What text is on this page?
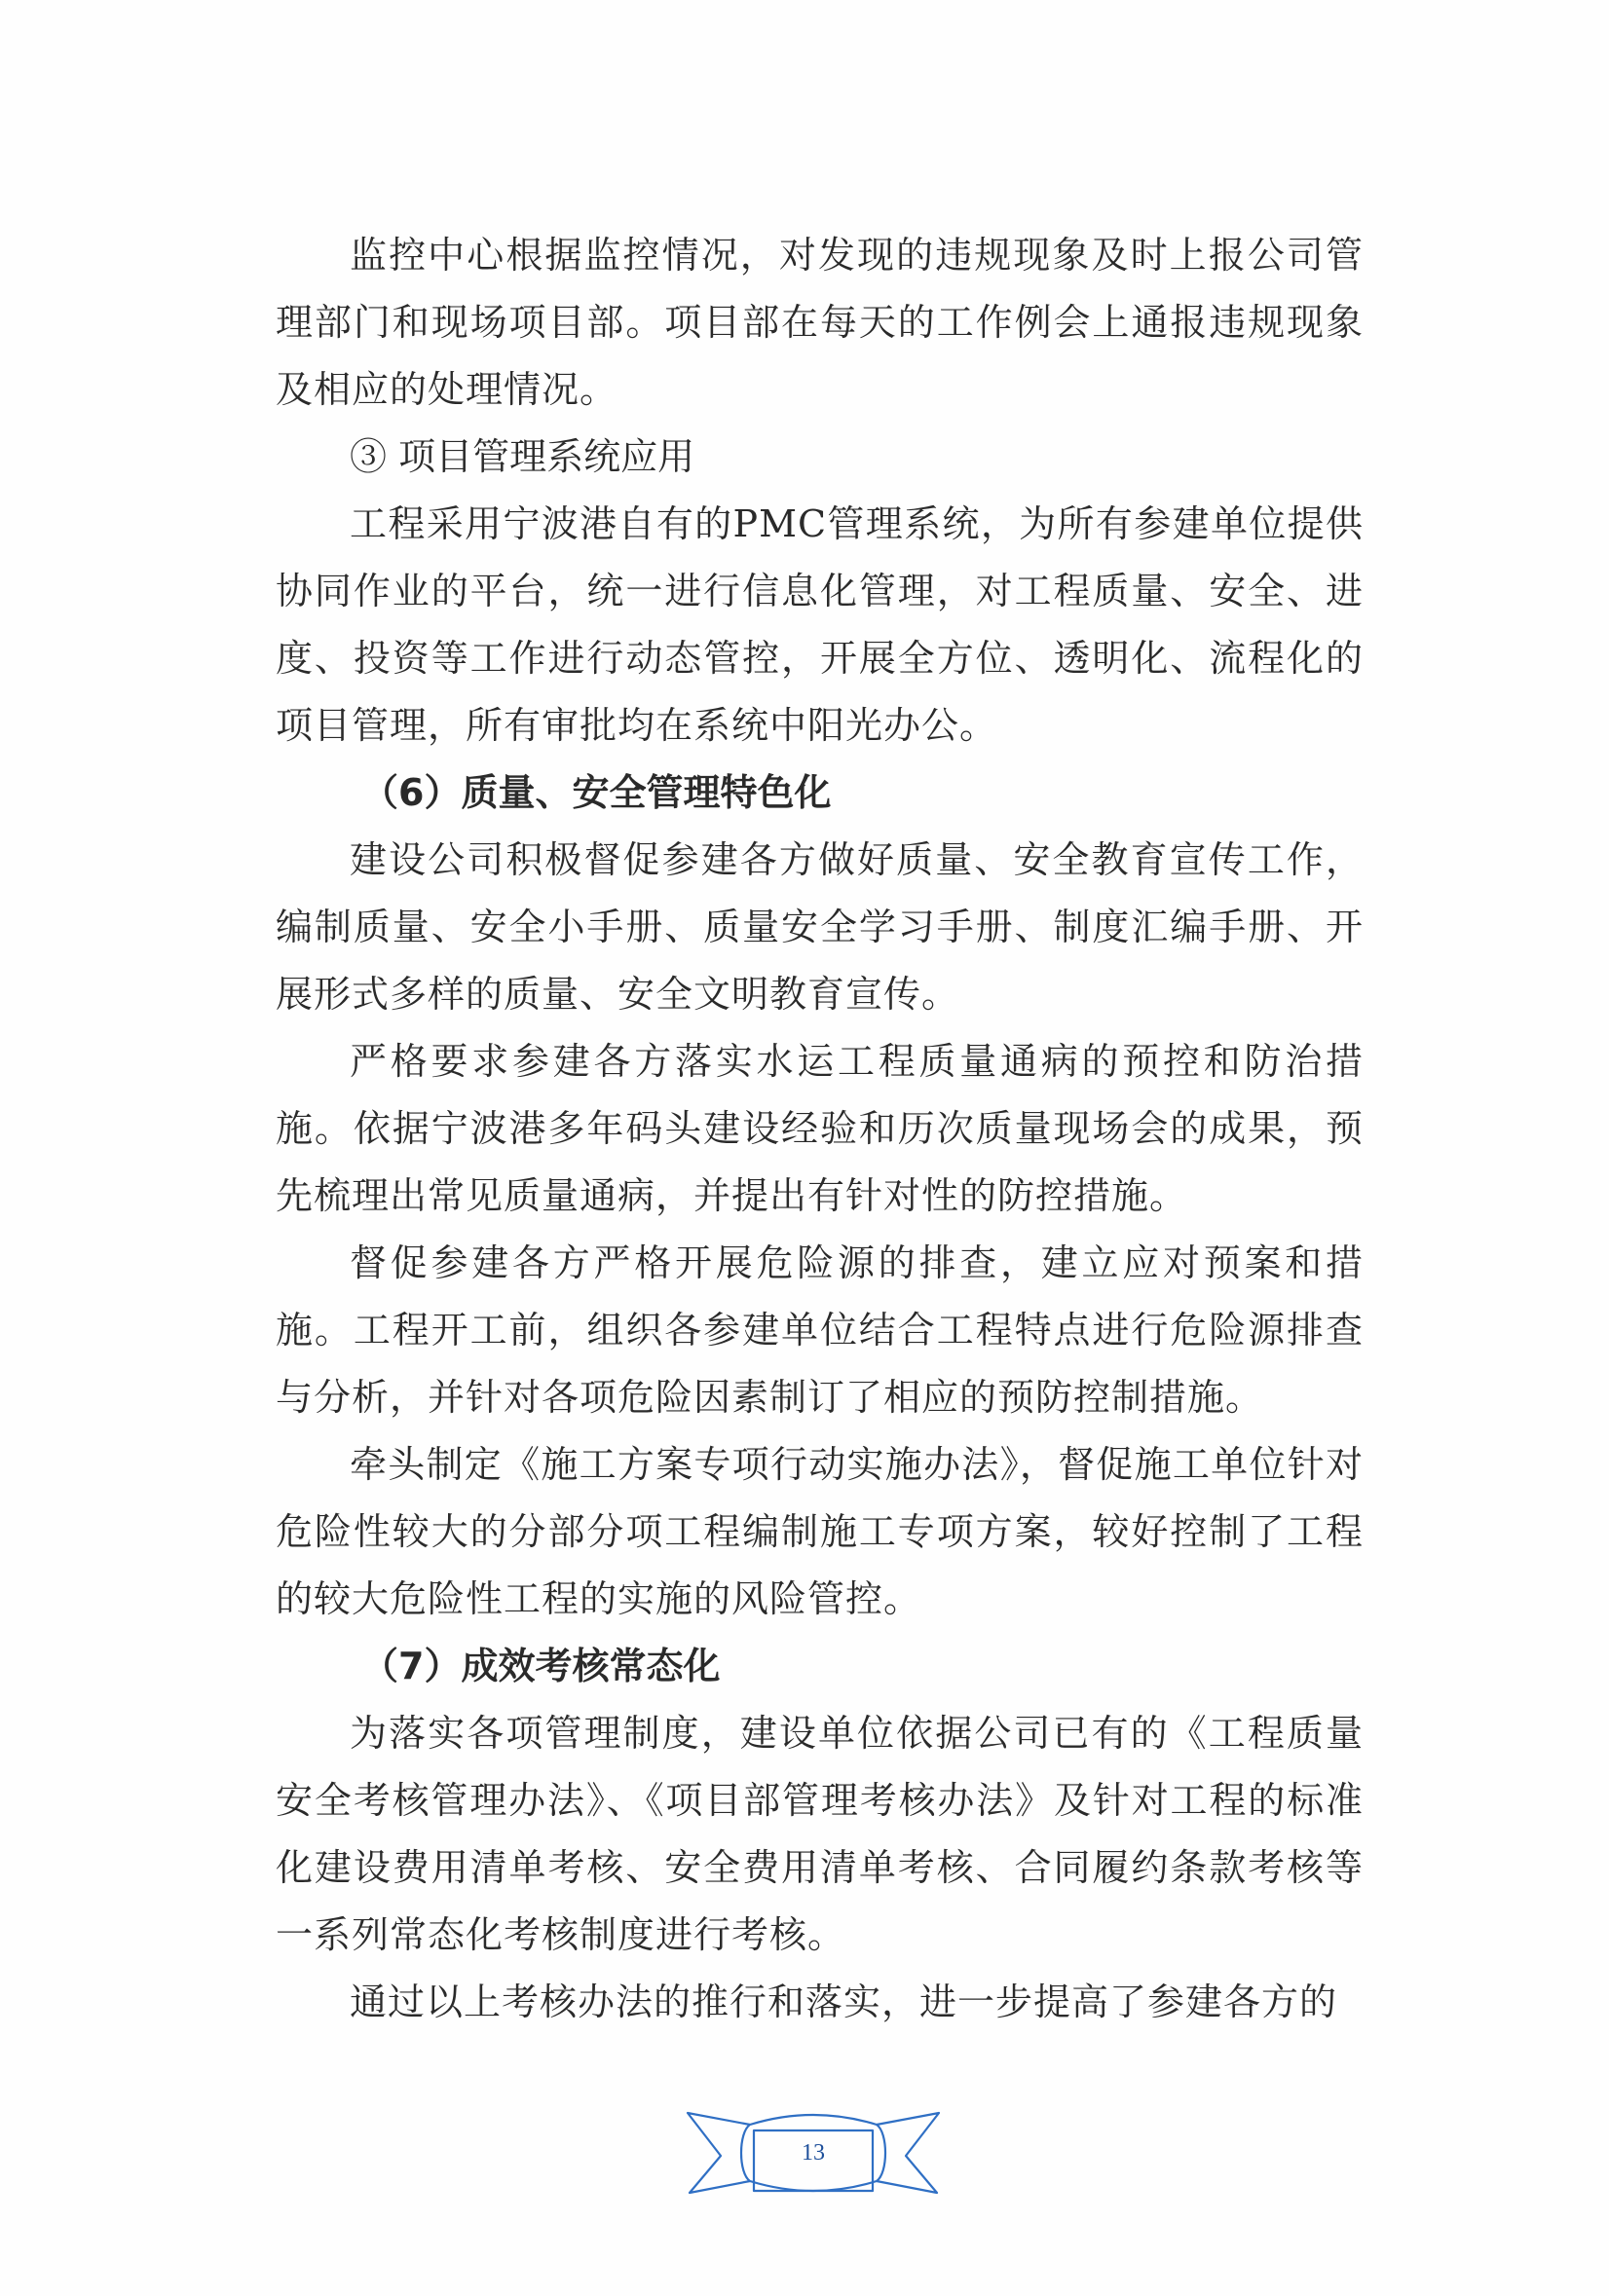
监控中心根据监控情况，对发现的违规现象及时上报公司管理部门和现场项目部。项目部在每天的工作例会上通报违规现象及相应的处理情况。

③ 项目管理系统应用

工程采用宁波港自有的PMC管理系统，为所有参建单位提供协同作业的平台，统一进行信息化管理，对工程质量、安全、进度、投资等工作进行动态管控，开展全方位、透明化、流程化的项目管理，所有审批均在系统中阳光办公。

（6）质量、安全管理特色化

建设公司积极督促参建各方做好质量、安全教育宣传工作，编制质量、安全小手册、质量安全学习手册、制度汇编手册、开展形式多样的质量、安全文明教育宣传。

严格要求参建各方落实水运工程质量通病的预控和防治措施。依据宁波港多年码头建设经验和历次质量现场会的成果，预先梳理出常见质量通病，并提出有针对性的防控措施。

督促参建各方严格开展危险源的排查，建立应对预案和措施。工程开工前，组织各参建单位结合工程特点进行危险源排查与分析，并针对各项危险因素制订了相应的预防控制措施。

牵头制定《施工方案专项行动实施办法》，督促施工单位针对危险性较大的分部分项工程编制施工专项方案，较好控制了工程的较大危险性工程的实施的风险管控。

（7）成效考核常态化

为落实各项管理制度，建设单位依据公司已有的《工程质量安全考核管理办法》、《项目部管理考核办法》及针对工程的标准化建设费用清单考核、安全费用清单考核、合同履约条款考核等一系列常态化考核制度进行考核。

通过以上考核办法的推行和落实，进一步提高了参建各方的

13
